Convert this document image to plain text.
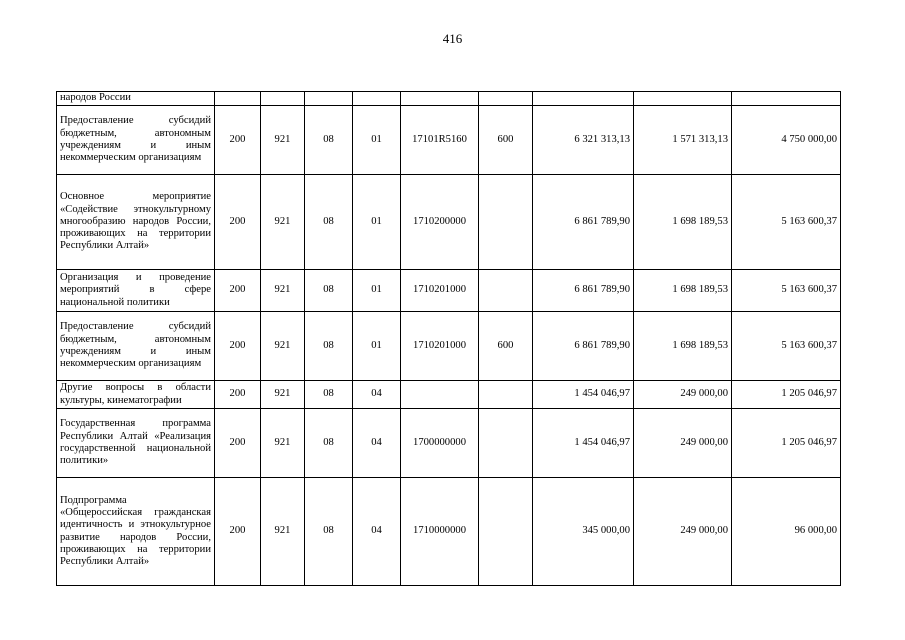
416
народов России									
Предоставление субсидий бюджетным, автономным учреждениям и иным некоммерческим организациям	200	921	08	01	17101R5160	600	6 321 313,13	1 571 313,13	4 750 000,00
Основное мероприятие «Содействие этнокультурному многообразию народов России, проживающих на территории Республики Алтай»	200	921	08	01	1710200000		6 861 789,90	1 698 189,53	5 163 600,37
Организация и проведение мероприятий в сфере национальной политики	200	921	08	01	1710201000		6 861 789,90	1 698 189,53	5 163 600,37
Предоставление субсидий бюджетным, автономным учреждениям и иным некоммерческим организациям	200	921	08	01	1710201000	600	6 861 789,90	1 698 189,53	5 163 600,37
Другие вопросы в области культуры, кинематографии	200	921	08	04			1 454 046,97	249 000,00	1 205 046,97
Государственная программа Республики Алтай «Реализация государственной национальной политики»	200	921	08	04	1700000000		1 454 046,97	249 000,00	1 205 046,97
Подпрограмма «Общероссийская гражданская идентичность и этнокультурное развитие народов России, проживающих на территории Республики Алтай»	200	921	08	04	1710000000		345 000,00	249 000,00	96 000,00
